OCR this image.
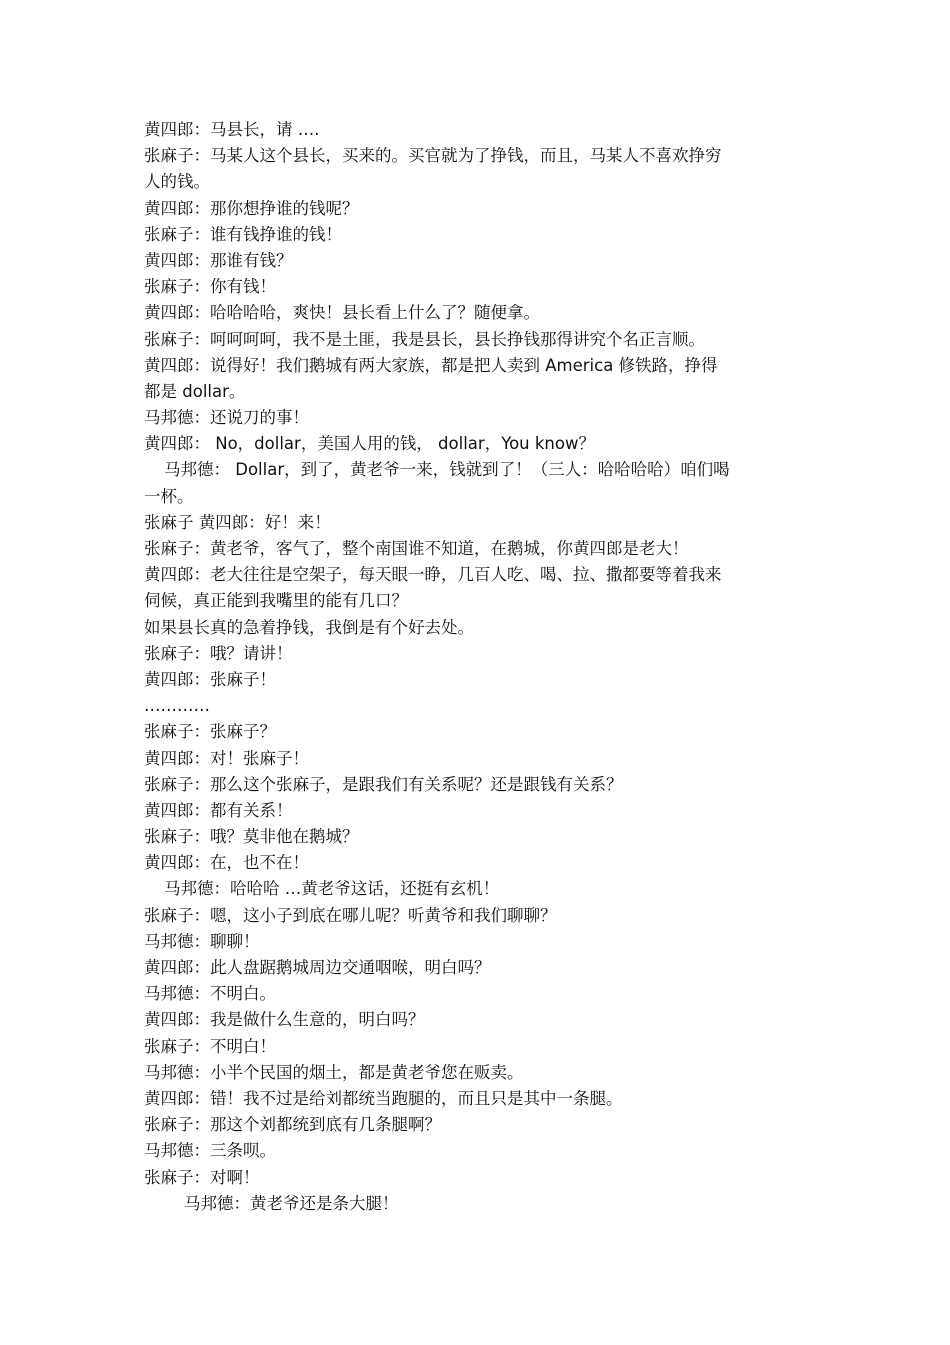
黄四郎：马县长，请 ….
张麻子：马某人这个县长，买来的。买官就为了挣钱，而且，马某人不喜欢挣穷
人的钱。
黄四郎：那你想挣谁的钱呢？
张麻子：谁有钱挣谁的钱！
黄四郎：那谁有钱？
张麻子：你有钱！
黄四郎：哈哈哈哈，爽快！县长看上什么了？随便拿。
张麻子：呵呵呵呵，我不是土匪，我是县长，县长挣钱那得讲究个名正言顺。
黄四郎：说得好！我们鹅城有两大家族，都是把人卖到 America 修铁路，挣得
都是 dollar。
马邦德：还说刀的事！
黄四郎： No，dollar，美国人用的钱， dollar，You know？
马邦德： Dollar，到了，黄老爷一来，钱就到了！（三人：哈哈哈哈）咱们喝
一杯。
张麻子 黄四郎：好！来！
张麻子：黄老爷，客气了，整个南国谁不知道，在鹅城，你黄四郎是老大！
黄四郎：老大往往是空架子，每天眼一睁，几百人吃、喝、拉、撒都要等着我来
伺候，真正能到我嘴里的能有几口？
如果县长真的急着挣钱，我倒是有个好去处。
张麻子：哦？请讲！
黄四郎：张麻子！
…………
张麻子：张麻子？
黄四郎：对！张麻子！
张麻子：那么这个张麻子，是跟我们有关系呢？还是跟钱有关系？
黄四郎：都有关系！
张麻子：哦？莫非他在鹅城？
黄四郎：在，也不在！
马邦德：哈哈哈 …黄老爷这话，还挺有玄机！
张麻子：嗯，这小子到底在哪儿呢？听黄爷和我们聊聊？
马邦德：聊聊！
黄四郎：此人盘踞鹅城周边交通咽喉，明白吗？
马邦德：不明白。
黄四郎：我是做什么生意的，明白吗？
张麻子：不明白！
马邦德：小半个民国的烟土，都是黄老爷您在贩卖。
黄四郎：错！我不过是给刘都统当跑腿的，而且只是其中一条腿。
张麻子：那这个刘都统到底有几条腿啊？
马邦德：三条呗。
张麻子：对啊！
马邦德：黄老爷还是条大腿！
